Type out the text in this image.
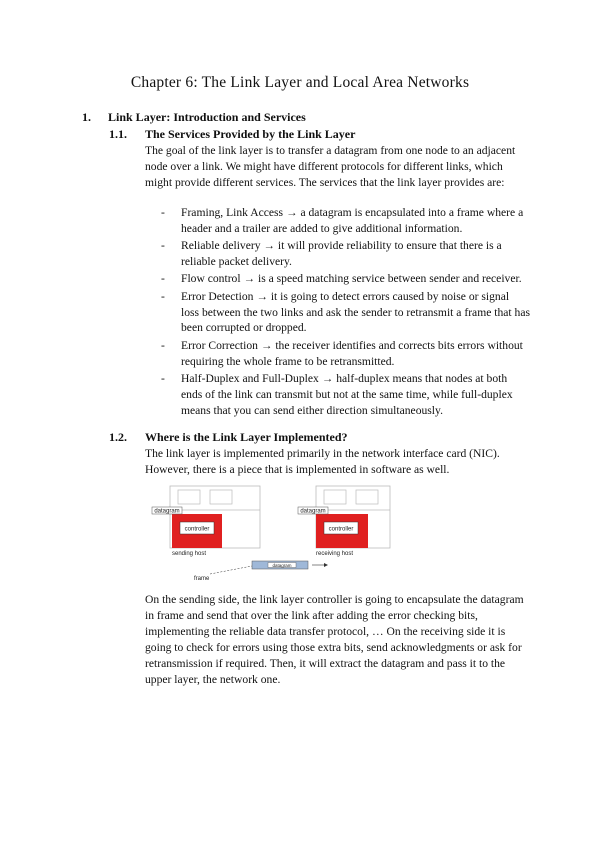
Chapter 6: The Link Layer and Local Area Networks
1. Link Layer: Introduction and Services
1.1. The Services Provided by the Link Layer

The goal of the link layer is to transfer a datagram from one node to an adjacent node over a link. We might have different protocols for different links, which might provide different services. The services that the link layer provides are:

- Framing, Link Access → a datagram is encapsulated into a frame where a header and a trailer are added to give additional information.
- Reliable delivery → it will provide reliability to ensure that there is a reliable packet delivery.
- Flow control → is a speed matching service between sender and receiver.
- Error Detection → it is going to detect errors caused by noise or signal loss between the two links and ask the sender to retransmit a frame that has been corrupted or dropped.
- Error Correction → the receiver identifies and corrects bits errors without requiring the whole frame to be retransmitted.
- Half-Duplex and Full-Duplex → half-duplex means that nodes at both ends of the link can transmit but not at the same time, while full-duplex means that you can send either direction simultaneously.
1.2. Where is the Link Layer Implemented?

The link layer is implemented primarily in the network interface card (NIC). However, there is a piece that is implemented in software as well.

controller
datagram
sending host
controller
datagram
receiving host
datagram
frame

On the sending side, the link layer controller is going to encapsulate the datagram in frame and send that over the link after adding the error checking bits, implementing the reliable data transfer protocol, … On the receiving side it is going to check for errors using those extra bits, send acknowledgments or ask for retransmission if required. Then, it will extract the datagram and pass it to the upper layer, the network one.
